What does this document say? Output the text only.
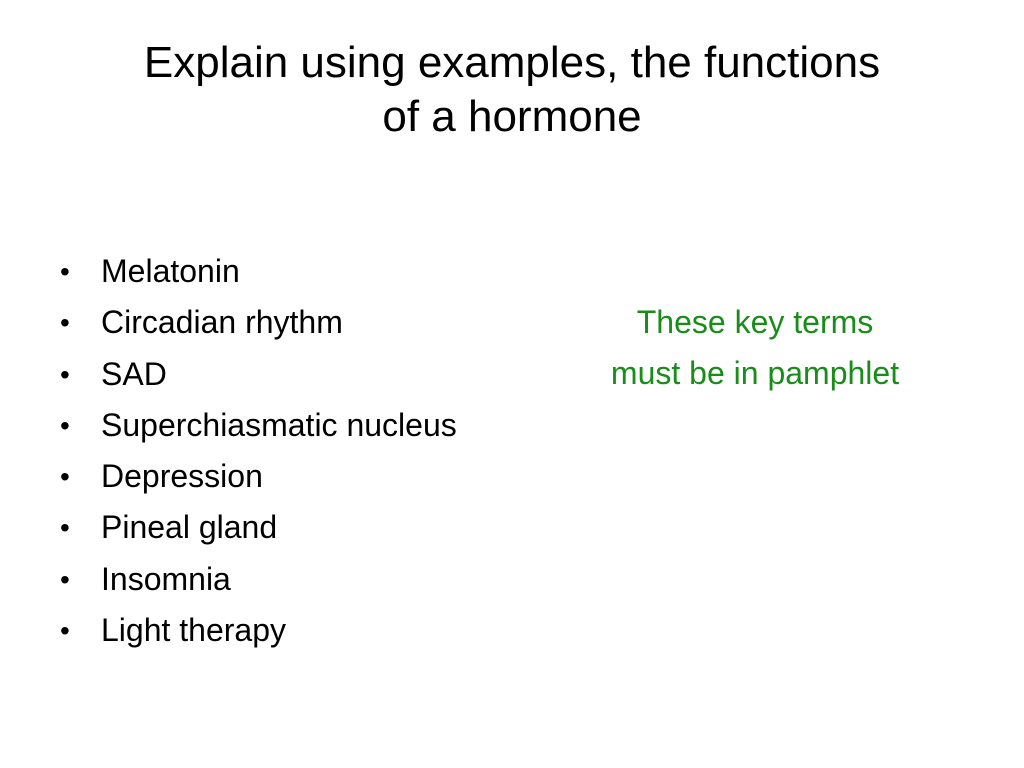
Explain using examples, the functions
of a hormone
• Melatonin
• Circadian rhythm
• SAD
• Superchiasmatic nucleus
• Depression
• Pineal gland
• Insomnia
• Light therapy
These key terms
must be in pamphlet
